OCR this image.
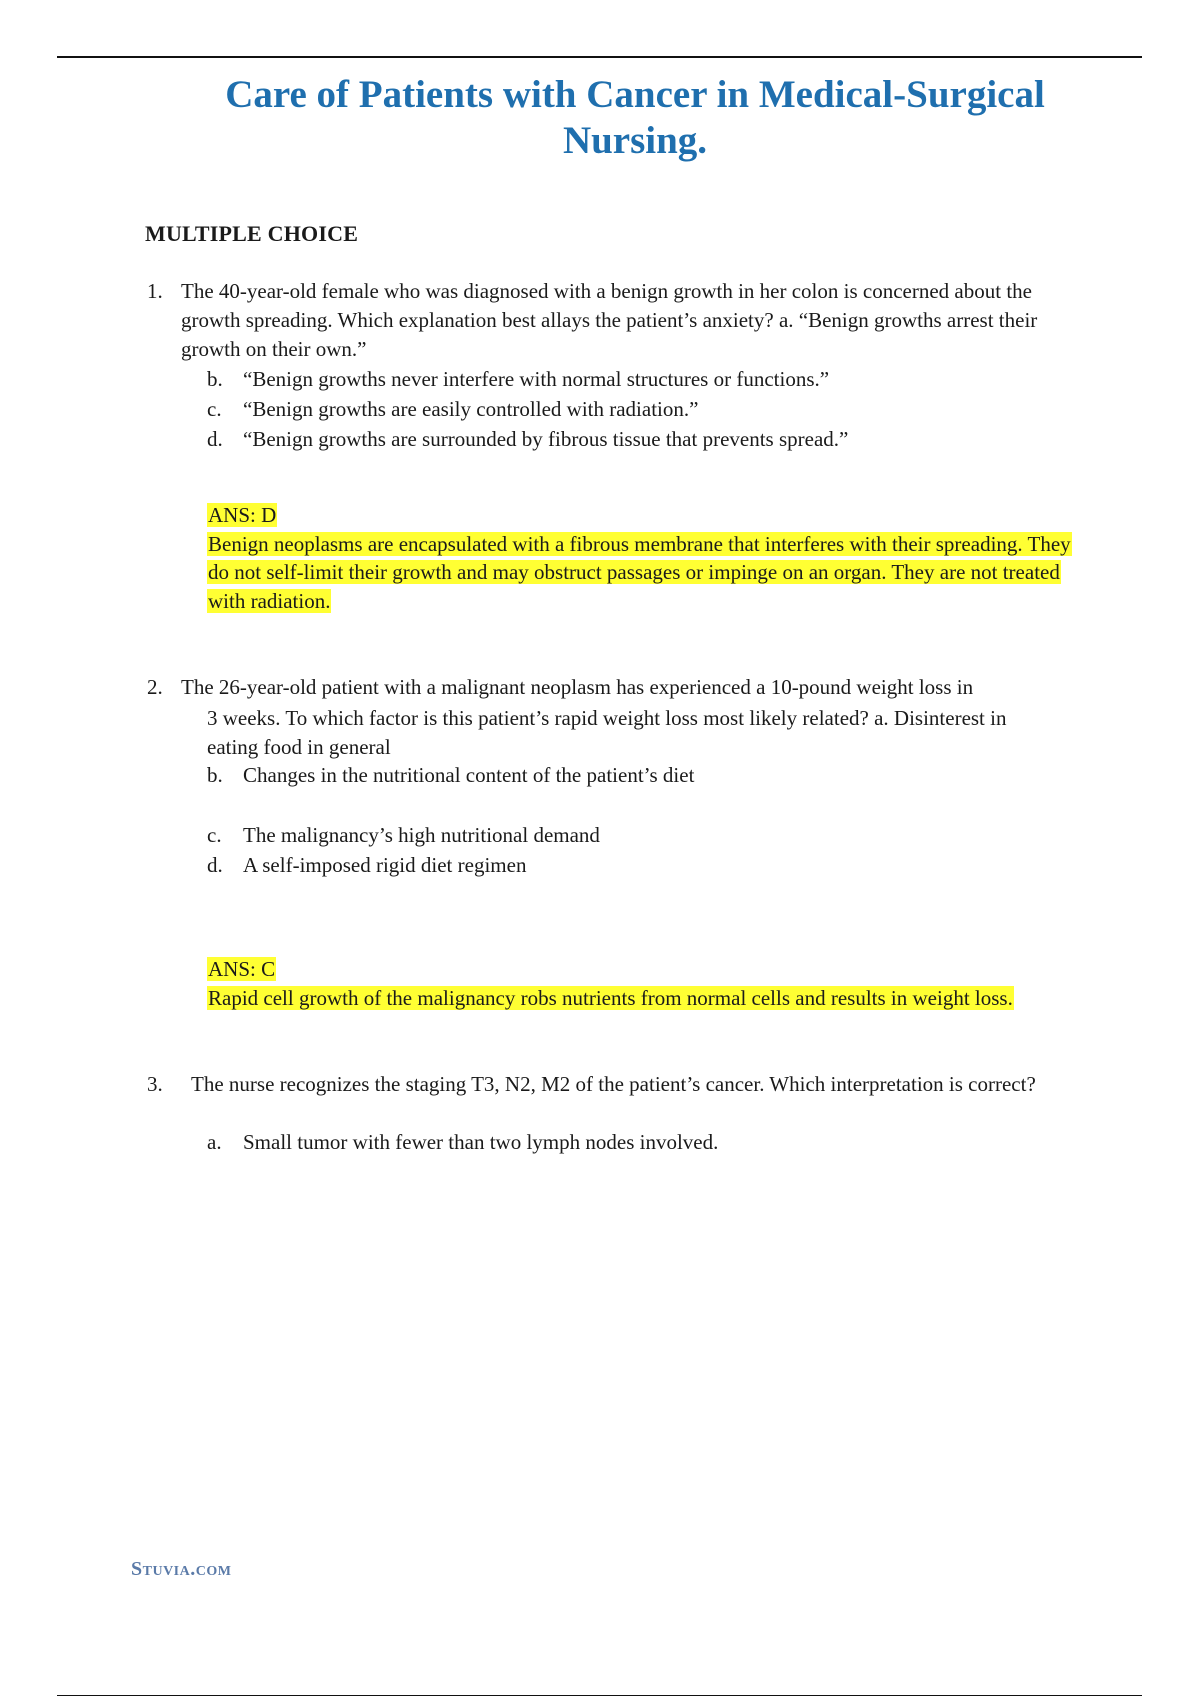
Care of Patients with Cancer in Medical-Surgical Nursing.
MULTIPLE CHOICE
1. The 40-year-old female who was diagnosed with a benign growth in her colon is concerned about the growth spreading. Which explanation best allays the patient’s anxiety? a. “Benign growths arrest their growth on their own.”
b. “Benign growths never interfere with normal structures or functions.”
c. “Benign growths are easily controlled with radiation.”
d. “Benign growths are surrounded by fibrous tissue that prevents spread.”
ANS: D
Benign neoplasms are encapsulated with a fibrous membrane that interferes with their spreading. They do not self-limit their growth and may obstruct passages or impinge on an organ. They are not treated with radiation.
2. The 26-year-old patient with a malignant neoplasm has experienced a 10-pound weight loss in
3 weeks. To which factor is this patient’s rapid weight loss most likely related? a. Disinterest in eating food in general
b. Changes in the nutritional content of the patient’s diet
c. The malignancy’s high nutritional demand
d. A self-imposed rigid diet regimen
ANS: C
Rapid cell growth of the malignancy robs nutrients from normal cells and results in weight loss.
3. The nurse recognizes the staging T3, N2, M2 of the patient’s cancer. Which interpretation is correct?
a. Small tumor with fewer than two lymph nodes involved.
Stuvia.com
